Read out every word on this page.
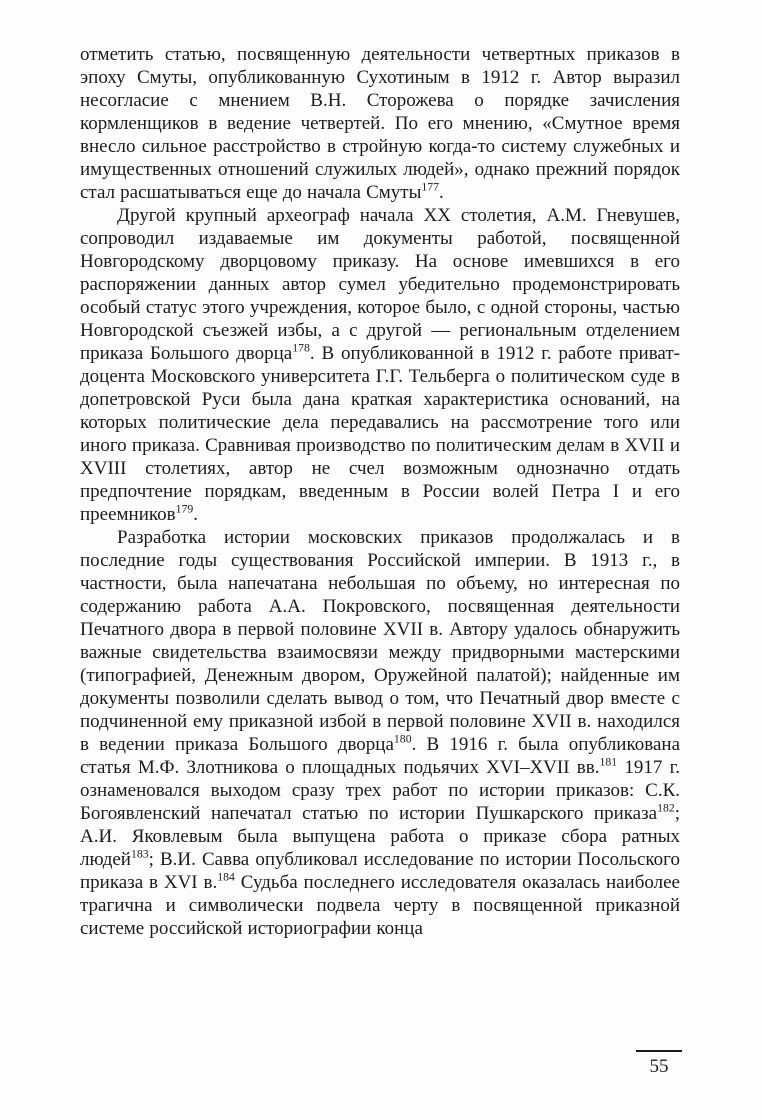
отметить статью, посвященную деятельности четвертных приказов в эпоху Смуты, опубликованную Сухотиным в 1912 г. Автор выразил несогласие с мнением В.Н. Сторожева о порядке зачисления кормленщиков в ведение четвертей. По его мнению, «Смутное время внесло сильное расстройство в стройную когда-то систему служебных и имущественных отношений служилых людей», однако прежний порядок стал расшатываться еще до начала Смуты$^{177}$.

Другой крупный археограф начала XX столетия, А.М. Гневушев, сопроводил издаваемые им документы работой, посвященной Новгородскому дворцовому приказу. На основе имевшихся в его распоряжении данных автор сумел убедительно продемонстрировать особый статус этого учреждения, которое было, с одной стороны, частью Новгородской съезжей избы, а с другой — региональным отделением приказа Большого дворца$^{178}$. В опубликованной в 1912 г. работе приват-доцента Московского университета Г.Г. Тельберга о политическом суде в допетровской Руси была дана краткая характеристика оснований, на которых политические дела передавались на рассмотрение того или иного приказа. Сравнивая производство по политическим делам в XVII и XVIII столетиях, автор не счел возможным однозначно отдать предпочтение порядкам, введенным в России волей Петра I и его преемников$^{179}$.

Разработка истории московских приказов продолжалась и в последние годы существования Российской империи. В 1913 г., в частности, была напечатана небольшая по объему, но интересная по содержанию работа А.А. Покровского, посвященная деятельности Печатного двора в первой половине XVII в. Автору удалось обнаружить важные свидетельства взаимосвязи между придворными мастерскими (типографией, Денежным двором, Оружейной палатой); найденные им документы позволили сделать вывод о том, что Печатный двор вместе с подчиненной ему приказной избой в первой половине XVII в. находился в ведении приказа Большого дворца$^{180}$. В 1916 г. была опубликована статья М.Ф. Злотникова о площадных подьячих XVI–XVII вв.$^{181}$ 1917 г. ознаменовался выходом сразу трех работ по истории приказов: С.К. Богоявленский напечатал статью по истории Пушкарского приказа$^{182}$; А.И. Яковлевым была выпущена работа о приказе сбора ратных людей$^{183}$; В.И. Савва опубликовал исследование по истории Посольского приказа в XVI в.$^{184}$ Судьба последнего исследователя оказалась наиболее трагична и символически подвела черту в посвященной приказной системе российской историографии конца

55
